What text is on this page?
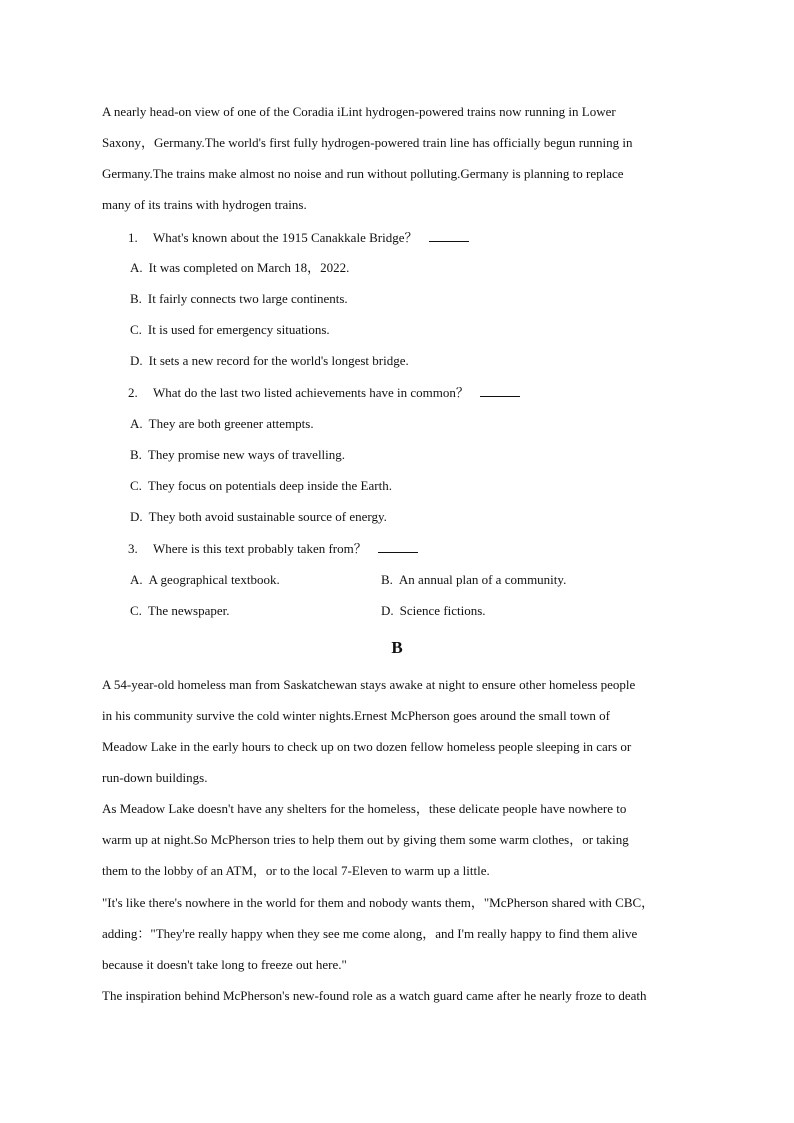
A nearly head-on view of one of the Coradia iLint hydrogen-powered trains now running in Lower
Saxony，Germany.The world's first fully hydrogen-powered train line has officially begun running in
Germany.The trains make almost no noise and run without polluting.Germany is planning to replace
many of its trains with hydrogen trains.
1. What's known about the 1915 Canakkale Bridge？
A. It was completed on March 18，2022.
B. It fairly connects two large continents.
C. It is used for emergency situations.
D. It sets a new record for the world's longest bridge.
2. What do the last two listed achievements have in common？
A. They are both greener attempts.
B. They promise new ways of travelling.
C. They focus on potentials deep inside the Earth.
D. They both avoid sustainable source of energy.
3. Where is this text probably taken from？
A. A geographical textbook.	B. An annual plan of a community.
C. The newspaper.	D. Science fictions.
B
A 54-year-old homeless man from Saskatchewan stays awake at night to ensure other homeless people
in his community survive the cold winter nights.Ernest McPherson goes around the small town of
Meadow Lake in the early hours to check up on two dozen fellow homeless people sleeping in cars or
run-down buildings.
As Meadow Lake doesn't have any shelters for the homeless，these delicate people have nowhere to
warm up at night.So McPherson tries to help them out by giving them some warm clothes，or taking
them to the lobby of an ATM，or to the local 7-Eleven to warm up a little.
"It's like there's nowhere in the world for them and nobody wants them，"McPherson shared with CBC，
adding："They're really happy when they see me come along，and I'm really happy to find them alive
because it doesn't take long to freeze out here."
The inspiration behind McPherson's new-found role as a watch guard came after he nearly froze to death
